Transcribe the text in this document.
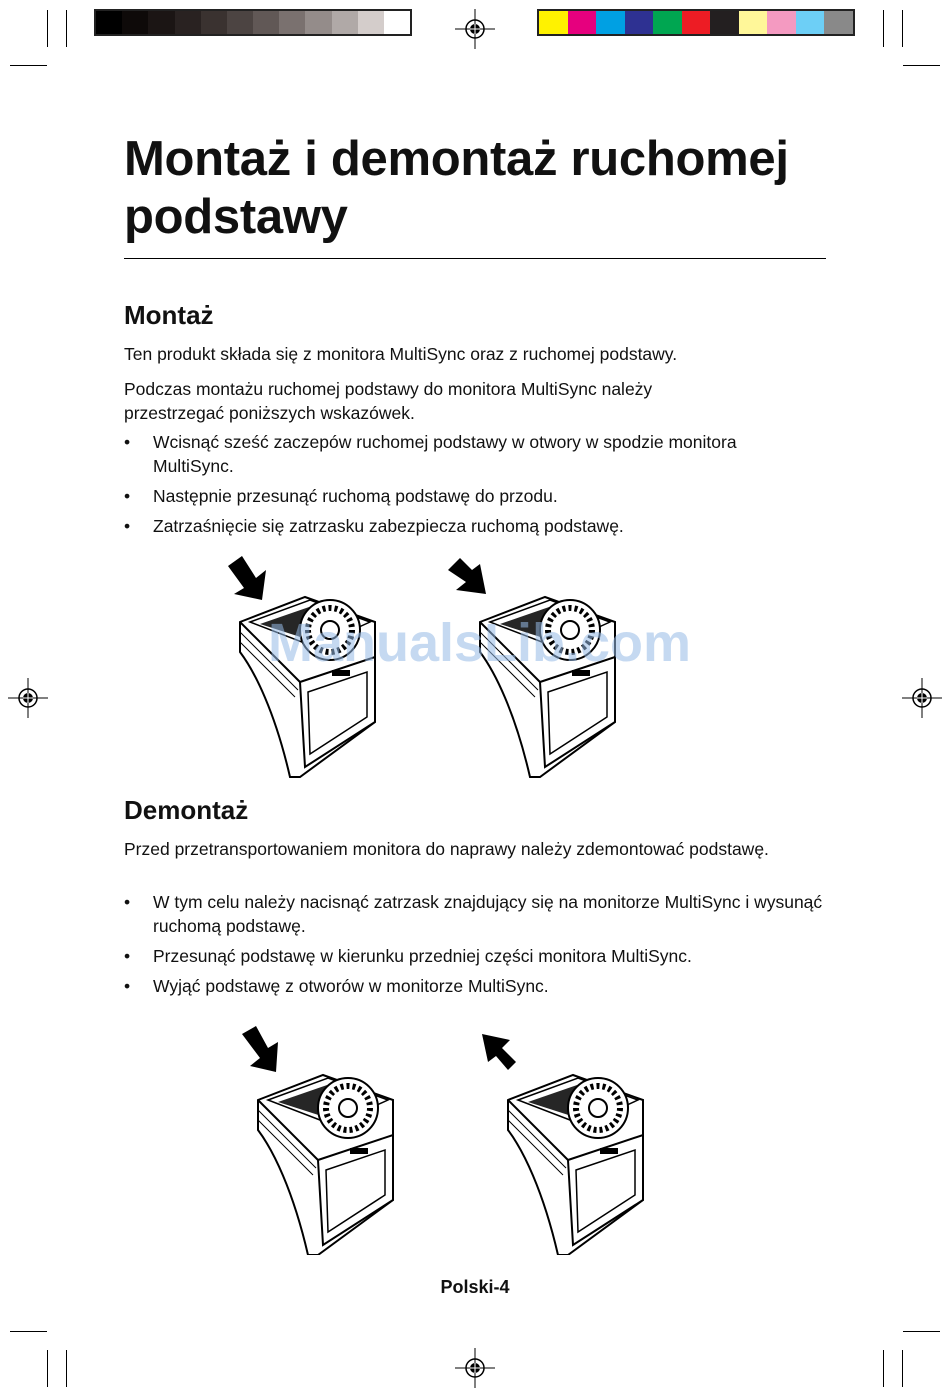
Montaż i demontaż ruchomej podstawy
Montaż

Ten produkt składa się z monitora MultiSync oraz z ruchomej podstawy.

Podczas montażu ruchomej podstawy do monitora MultiSync należy przestrzegać poniższych wskazówek.

• Wcisnąć sześć zaczepów ruchomej podstawy w otwory w spodzie monitora MultiSync.
• Następnie przesunąć ruchomą podstawę do przodu.
• Zatrzaśnięcie się zatrzasku zabezpiecza ruchomą podstawę.
ManualsLib.com
Demontaż

Przed przetransportowaniem monitora do naprawy należy zdemontować podstawę.

• W tym celu należy nacisnąć zatrzask znajdujący się na monitorze MultiSync i wysunąć ruchomą podstawę.
• Przesunąć podstawę w kierunku przedniej części monitora MultiSync.
• Wyjąć podstawę z otworów w monitorze MultiSync.
Polski-4
